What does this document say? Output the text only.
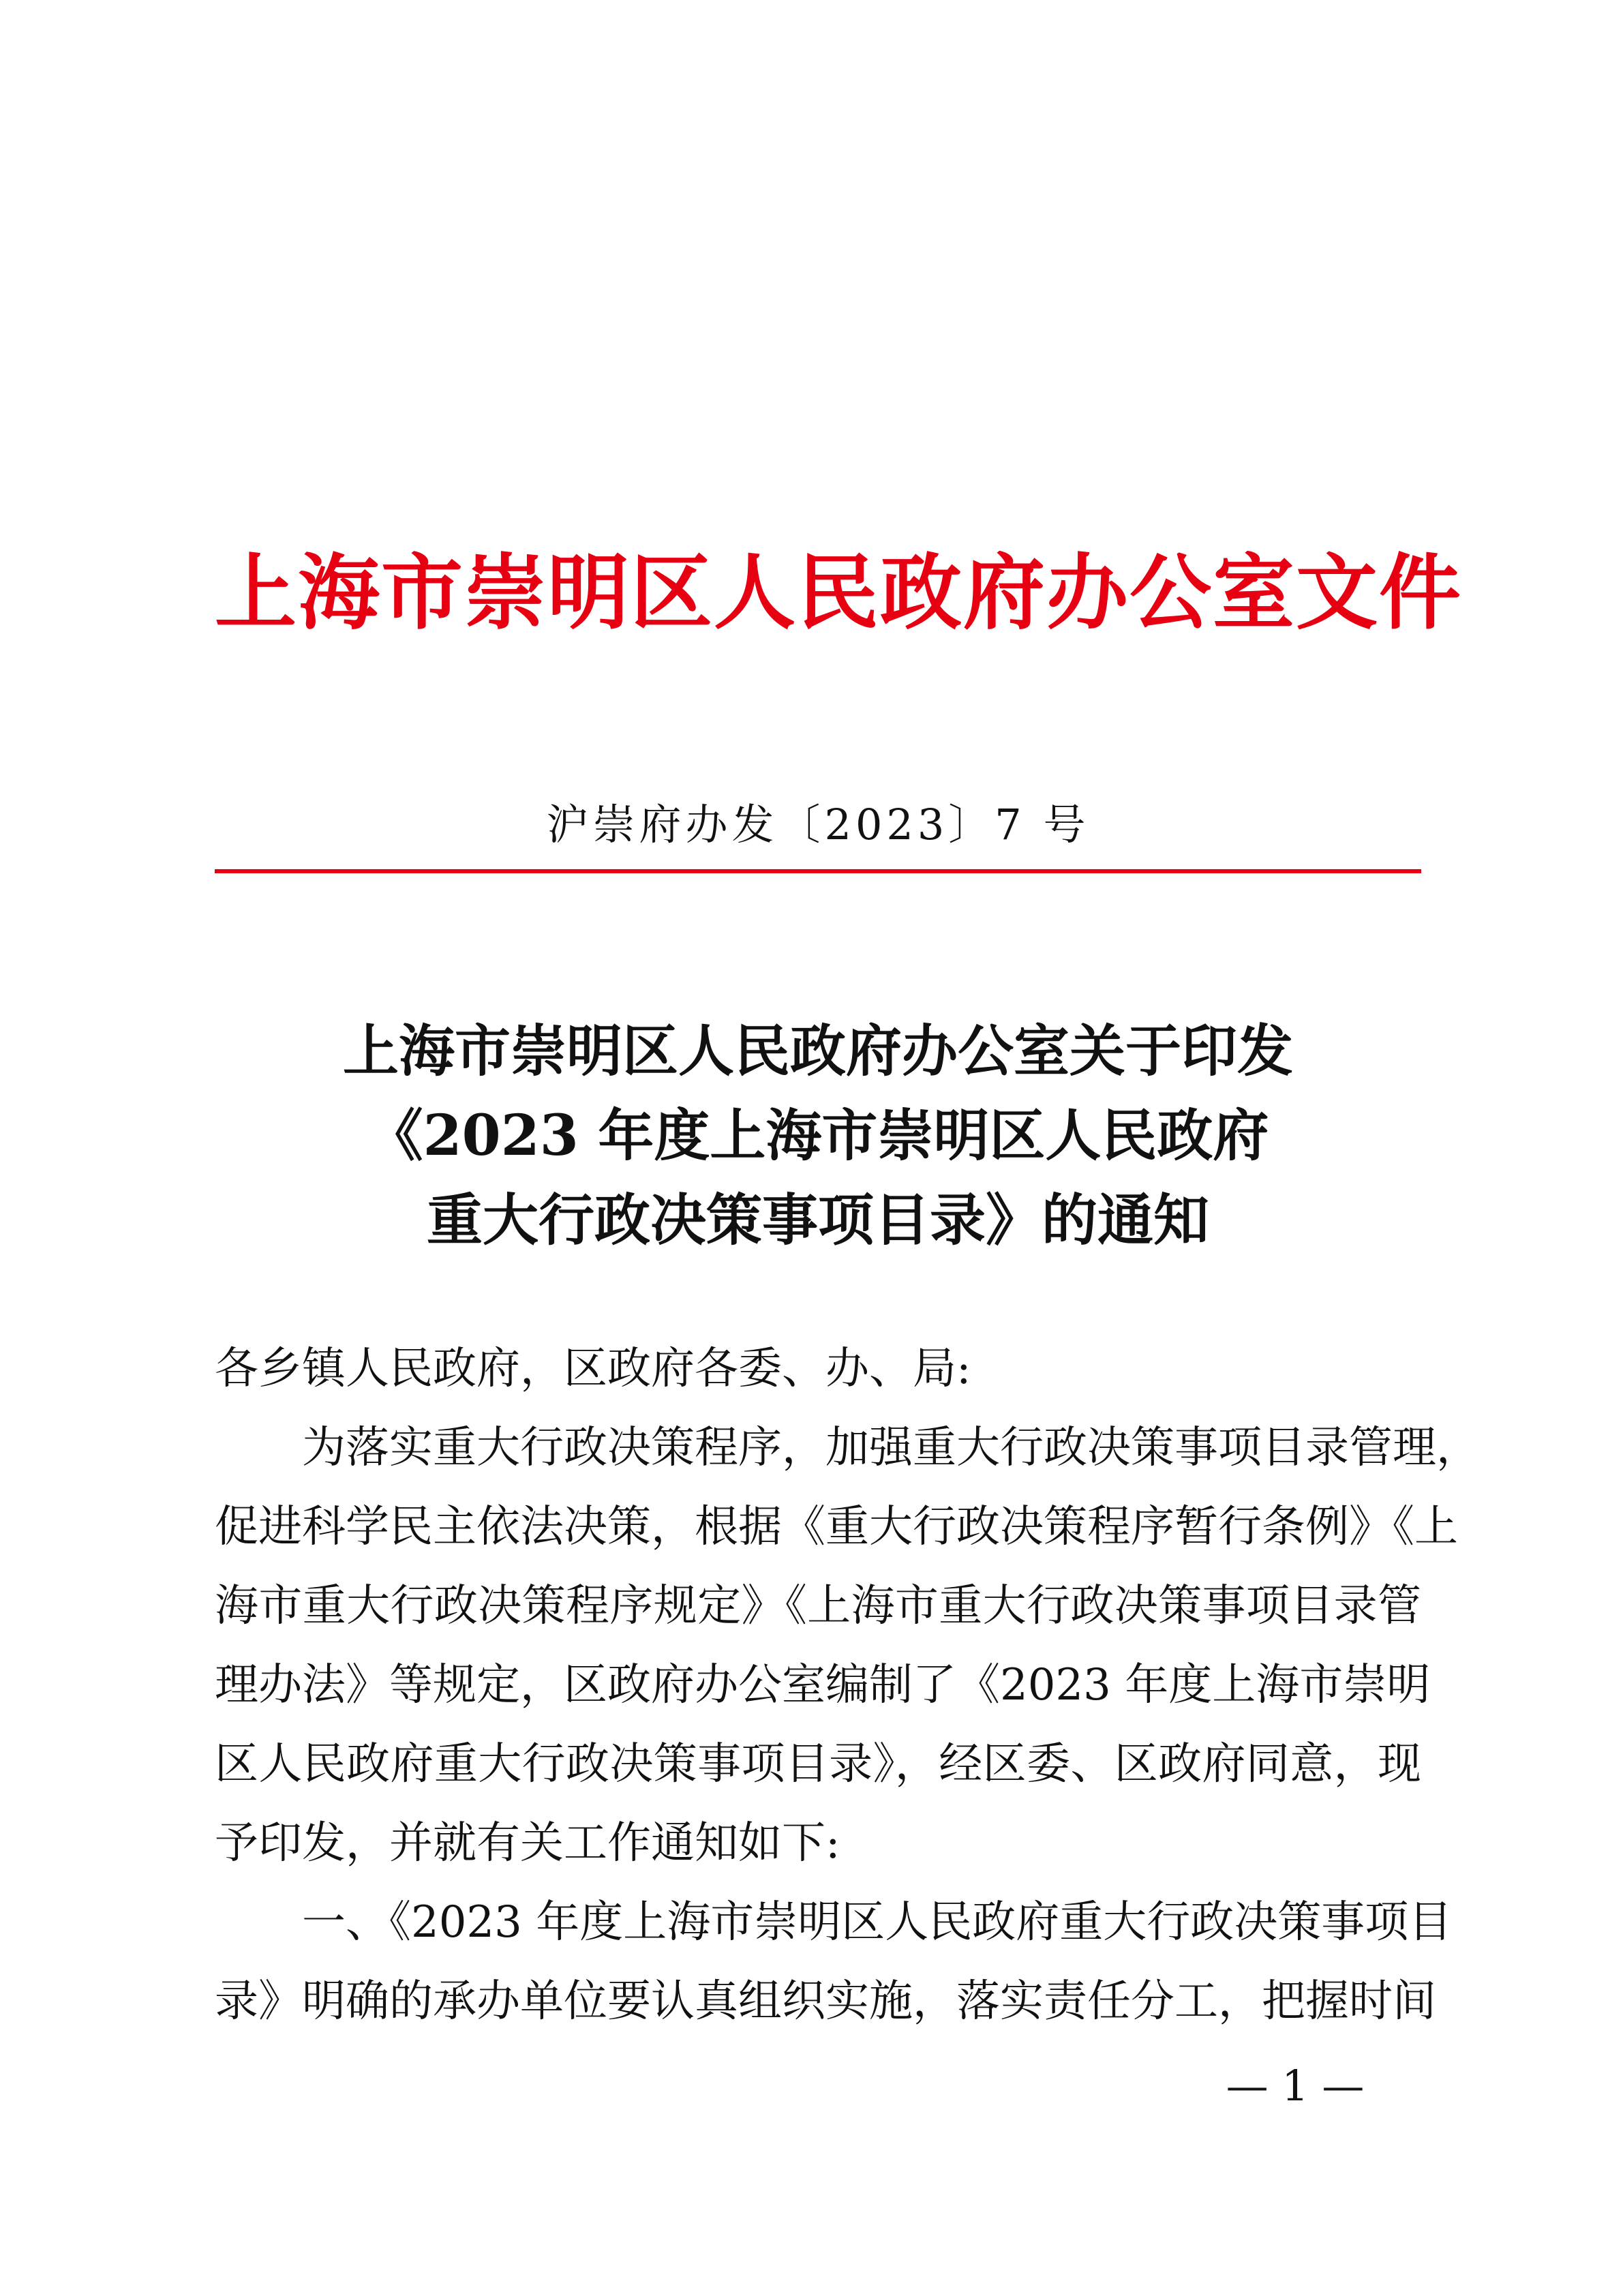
上海市崇明区人民政府办公室文件
沪崇府办发〔2023〕7 号
上海市崇明区人民政府办公室关于印发
《2023 年度上海市崇明区人民政府
重大行政决策事项目录》的通知
各乡镇人民政府，区政府各委、办、局:
为落实重大行政决策程序，加强重大行政决策事项目录管理，
促进科学民主依法决策，根据《重大行政决策程序暂行条例》《上
海市重大行政决策程序规定》《上海市重大行政决策事项目录管
理办法》等规定，区政府办公室编制了《2023 年度上海市崇明
区人民政府重大行政决策事项目录》，经区委、区政府同意，现
予印发，并就有关工作通知如下:
一、《2023 年度上海市崇明区人民政府重大行政决策事项目
录》明确的承办单位要认真组织实施，落实责任分工，把握时间
— 1 —
